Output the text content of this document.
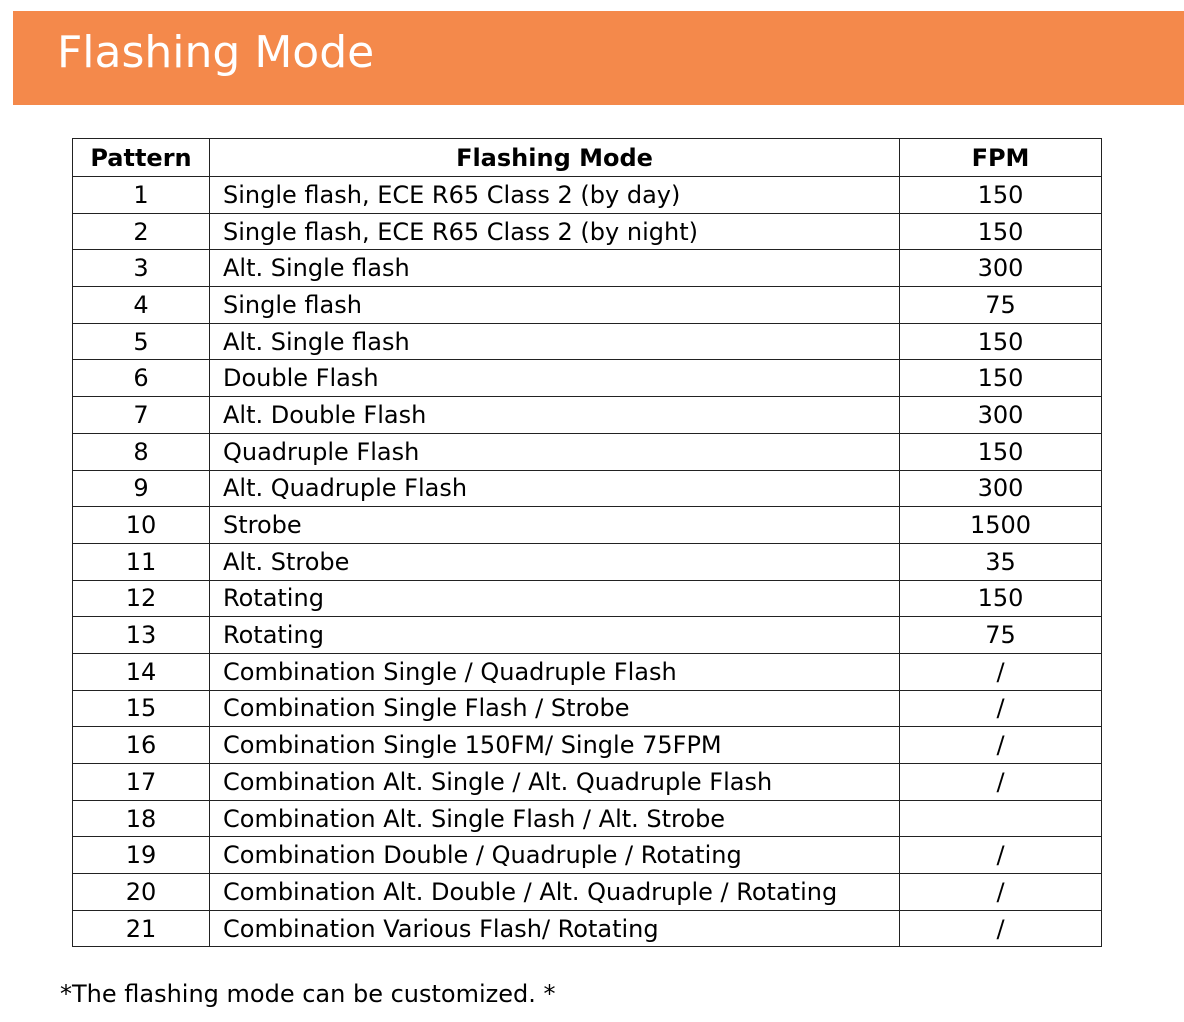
Flashing Mode
Pattern	Flashing Mode	FPM
1	Single flash, ECE R65 Class 2 (by day)	150
2	Single flash, ECE R65 Class 2 (by night)	150
3	Alt. Single flash	300
4	Single flash	75
5	Alt. Single flash	150
6	Double Flash	150
7	Alt. Double Flash	300
8	Quadruple Flash	150
9	Alt. Quadruple Flash	300
10	Strobe	1500
11	Alt. Strobe	35
12	Rotating	150
13	Rotating	75
14	Combination Single / Quadruple Flash	/
15	Combination Single Flash / Strobe	/
16	Combination Single 150FM/ Single 75FPM	/
17	Combination Alt. Single / Alt. Quadruple Flash	/
18	Combination Alt. Single Flash / Alt. Strobe	
19	Combination Double / Quadruple / Rotating	/
20	Combination Alt. Double / Alt. Quadruple / Rotating	/
21	Combination Various Flash/ Rotating	/
*The flashing mode can be customized. *
